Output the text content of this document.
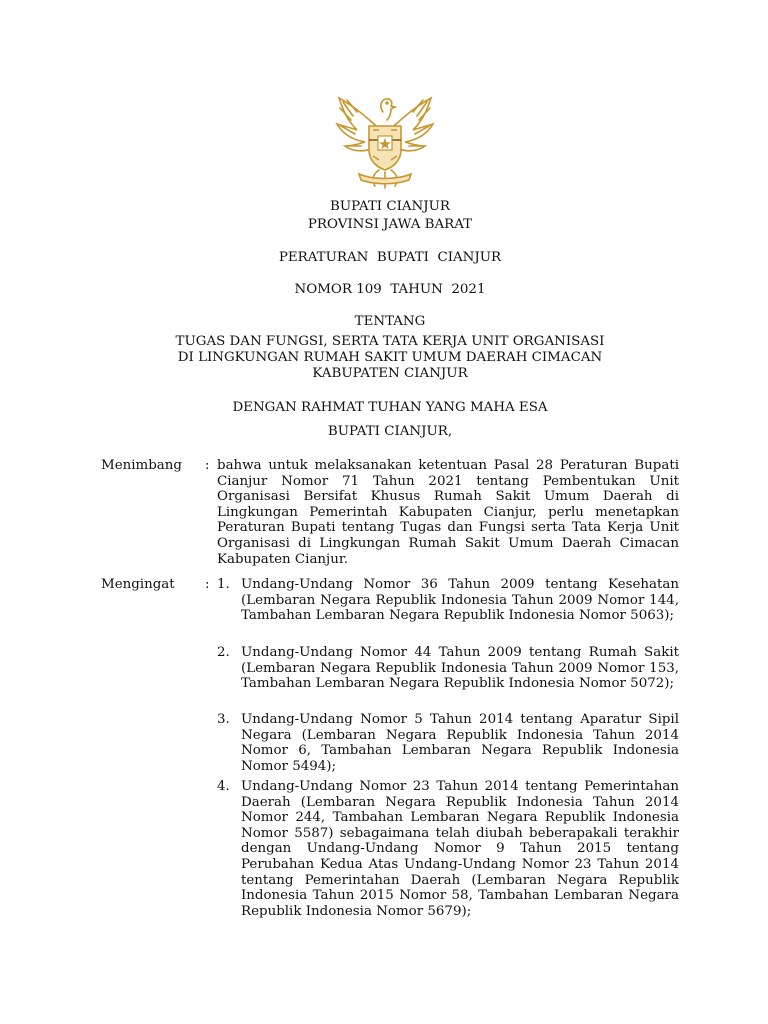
BUPATI CIANJUR
PROVINSI JAWA BARAT
PERATURAN  BUPATI  CIANJUR
NOMOR 109  TAHUN  2021
TENTANG
TUGAS DAN FUNGSI, SERTA TATA KERJA UNIT ORGANISASI
DI LINGKUNGAN RUMAH SAKIT UMUM DAERAH CIMACAN
KABUPATEN CIANJUR
DENGAN RAHMAT TUHAN YANG MAHA ESA
BUPATI CIANJUR,
Menimbang : bahwa untuk melaksanakan ketentuan Pasal 28 Peraturan Bupati Cianjur Nomor 71 Tahun 2021 tentang Pembentukan Unit Organisasi Bersifat Khusus Rumah Sakit Umum Daerah di Lingkungan Pemerintah Kabupaten Cianjur, perlu menetapkan Peraturan Bupati tentang Tugas dan Fungsi serta Tata Kerja Unit Organisasi di Lingkungan Rumah Sakit Umum Daerah Cimacan Kabupaten Cianjur.
Mengingat : 1. Undang-Undang Nomor 36 Tahun 2009 tentang Kesehatan (Lembaran Negara Republik Indonesia Tahun 2009 Nomor 144, Tambahan Lembaran Negara Republik Indonesia Nomor 5063);
2. Undang-Undang Nomor 44 Tahun 2009 tentang Rumah Sakit (Lembaran Negara Republik Indonesia Tahun 2009 Nomor 153, Tambahan Lembaran Negara Republik Indonesia Nomor 5072);
3. Undang-Undang Nomor 5 Tahun 2014 tentang Aparatur Sipil Negara (Lembaran Negara Republik Indonesia Tahun 2014 Nomor 6, Tambahan Lembaran Negara Republik Indonesia Nomor 5494);
4. Undang-Undang Nomor 23 Tahun 2014 tentang Pemerintahan Daerah (Lembaran Negara Republik Indonesia Tahun 2014 Nomor 244, Tambahan Lembaran Negara Republik Indonesia Nomor 5587) sebagaimana telah diubah beberapakali terakhir dengan Undang-Undang Nomor 9 Tahun 2015 tentang Perubahan Kedua Atas Undang-Undang Nomor 23 Tahun 2014 tentang Pemerintahan Daerah (Lembaran Negara Republik Indonesia Tahun 2015 Nomor 58, Tambahan Lembaran Negara Republik Indonesia Nomor 5679);
